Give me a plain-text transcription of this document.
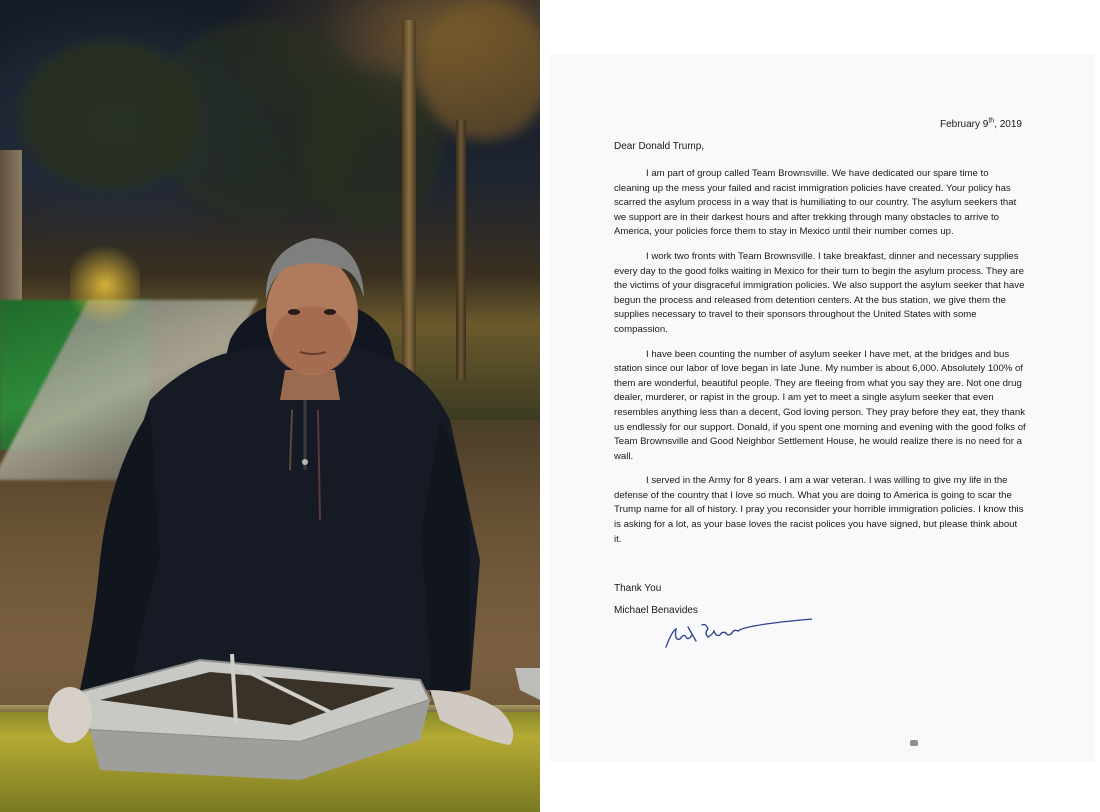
February 9th, 2019
Dear Donald Trump,

I am part of group called Team Brownsville. We have dedicated our spare time to cleaning up the mess your failed and racist immigration policies have created. Your policy has scarred the asylum process in a way that is humiliating to our country. The asylum seekers that we support are in their darkest hours and after trekking through many obstacles to arrive to America, your policies force them to stay in Mexico until their number comes up.

I work two fronts with Team Brownsville. I take breakfast, dinner and necessary supplies every day to the good folks waiting in Mexico for their turn to begin the asylum process. They are the victims of your disgraceful immigration policies. We also support the asylum seeker that have begun the process and released from detention centers. At the bus station, we give them the supplies necessary to travel to their sponsors throughout the United States with some compassion.

I have been counting the number of asylum seeker I have met, at the bridges and bus station since our labor of love began in late June. My number is about 6,000. Absolutely 100% of them are wonderful, beautiful people. They are fleeing from what you say they are. Not one drug dealer, murderer, or rapist in the group. I am yet to meet a single asylum seeker that even resembles anything less than a decent, God loving person. They pray before they eat, they thank us endlessly for our support. Donald, if you spent one morning and evening with the good folks of Team Brownsville and Good Neighbor Settlement House, he would realize there is no need for a wall.

I served in the Army for 8 years. I am a war veteran. I was willing to give my life in the defense of the country that I love so much. What you are doing to America is going to scar the Trump name for all of history. I pray you reconsider your horrible immigration policies. I know this is asking for a lot, as your base loves the racist polices you have signed, but please think about it.

Thank You
Michael Benavides
